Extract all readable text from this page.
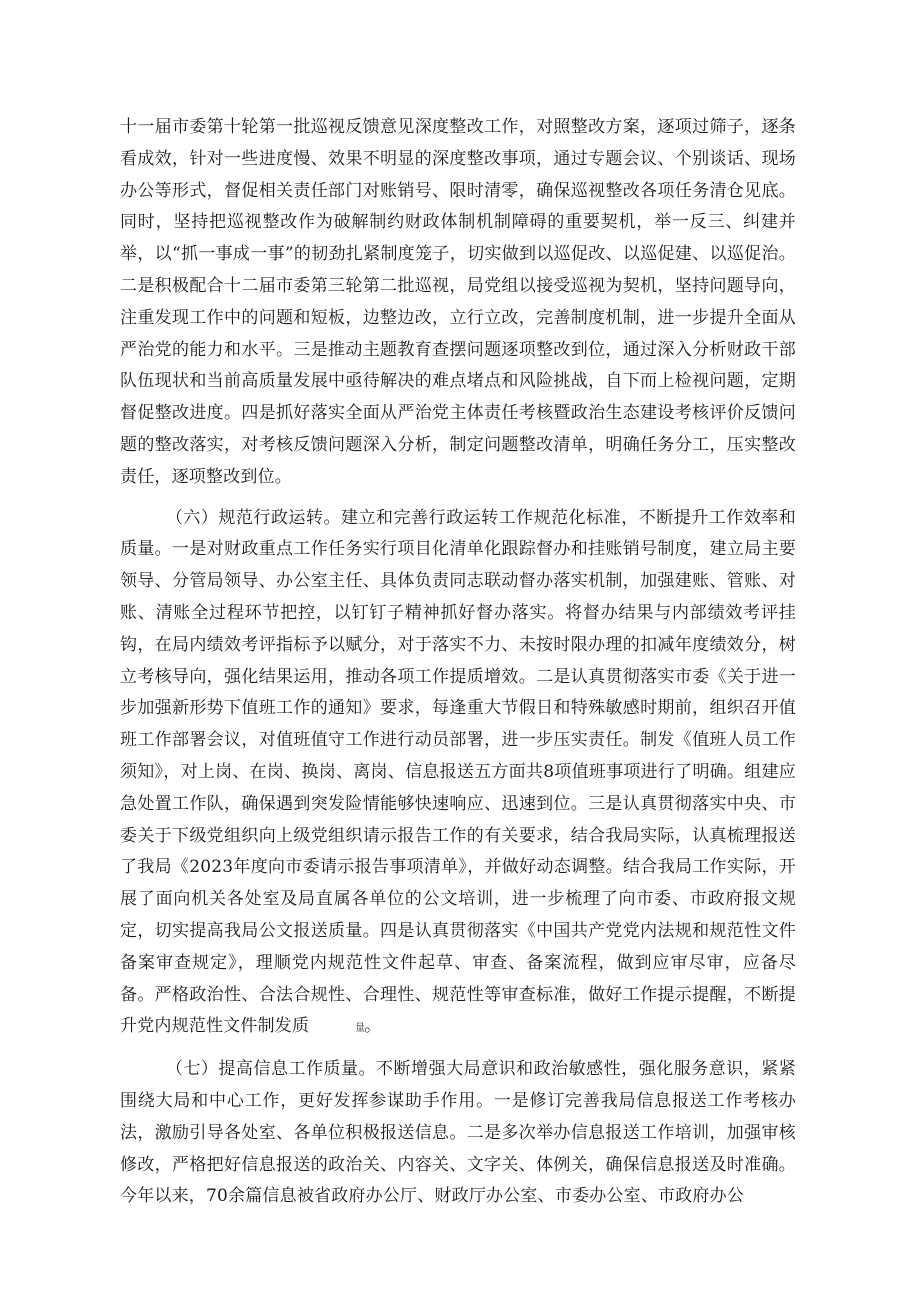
十一届市委第十轮第一批巡视反馈意见深度整改工作，对照整改方案，逐项过筛子，逐条看成效，针对一些进度慢、效果不明显的深度整改事项，通过专题会议、个别谈话、现场办公等形式，督促相关责任部门对账销号、限时清零，确保巡视整改各项任务清仓见底。同时，坚持把巡视整改作为破解制约财政体制机制障碍的重要契机，举一反三、纠建并举，以“抓一事成一事”的韧劲扎紧制度笼子，切实做到以巡促改、以巡促建、以巡促治。二是积极配合十二届市委第三轮第二批巡视，局党组以接受巡视为契机，坚持问题导向，注重发现工作中的问题和短板，边整边改，立行立改，完善制度机制，进一步提升全面从严治党的能力和水平。三是推动主题教育查摆问题逐项整改到位，通过深入分析财政干部队伍现状和当前高质量发展中亟待解决的难点堵点和风险挑战，自下而上检视问题，定期督促整改进度。四是抓好落实全面从严治党主体责任考核暨政治生态建设考核评价反馈问题的整改落实，对考核反馈问题深入分析，制定问题整改清单，明确任务分工，压实整改责任，逐项整改到位。

（六）规范行政运转。建立和完善行政运转工作规范化标准，不断提升工作效率和质量。一是对财政重点工作任务实行项目化清单化跟踪督办和挂账销号制度，建立局主要领导、分管局领导、办公室主任、具体负责同志联动督办落实机制，加强建账、管账、对账、清账全过程环节把控，以钉钉子精神抓好督办落实。将督办结果与内部绩效考评挂钩，在局内绩效考评指标予以赋分，对于落实不力、未按时限办理的扣减年度绩效分，树立考核导向，强化结果运用，推动各项工作提质增效。二是认真贯彻落实市委《关于进一步加强新形势下值班工作的通知》要求，每逢重大节假日和特殊敏感时期前，组织召开值班工作部署会议，对值班值守工作进行动员部署，进一步压实责任。制发《值班人员工作须知》，对上岗、在岗、换岗、离岗、信息报送五方面共8项值班事项进行了明确。组建应急处置工作队，确保遇到突发险情能够快速响应、迅速到位。三是认真贯彻落实中央、市委关于下级党组织向上级党组织请示报告工作的有关要求，结合我局实际，认真梳理报送了我局《2023年度向市委请示报告事项清单》，并做好动态调整。结合我局工作实际，开展了面向机关各处室及局直属各单位的公文培训，进一步梳理了向市委、市政府报文规定，切实提高我局公文报送质量。四是认真贯彻落实《中国共产党党内法规和规范性文件备案审查规定》，理顺党内规范性文件起草、审查、备案流程，做到应审尽审，应备尽备。严格政治性、合法合规性、合理性、规范性等审查标准，做好工作提示提醒，不断提升党内规范性文件制发质	量。

（七）提高信息工作质量。不断增强大局意识和政治敏感性，强化服务意识，紧紧围绕大局和中心工作，更好发挥参谋助手作用。一是修订完善我局信息报送工作考核办法，激励引导各处室、各单位积极报送信息。二是多次举办信息报送工作培训，加强审核修改，严格把好信息报送的政治关、内容关、文字关、体例关，确保信息报送及时准确。今年以来，70余篇信息被省政府办公厅、财政厅办公室、市委办公室、市政府办公
